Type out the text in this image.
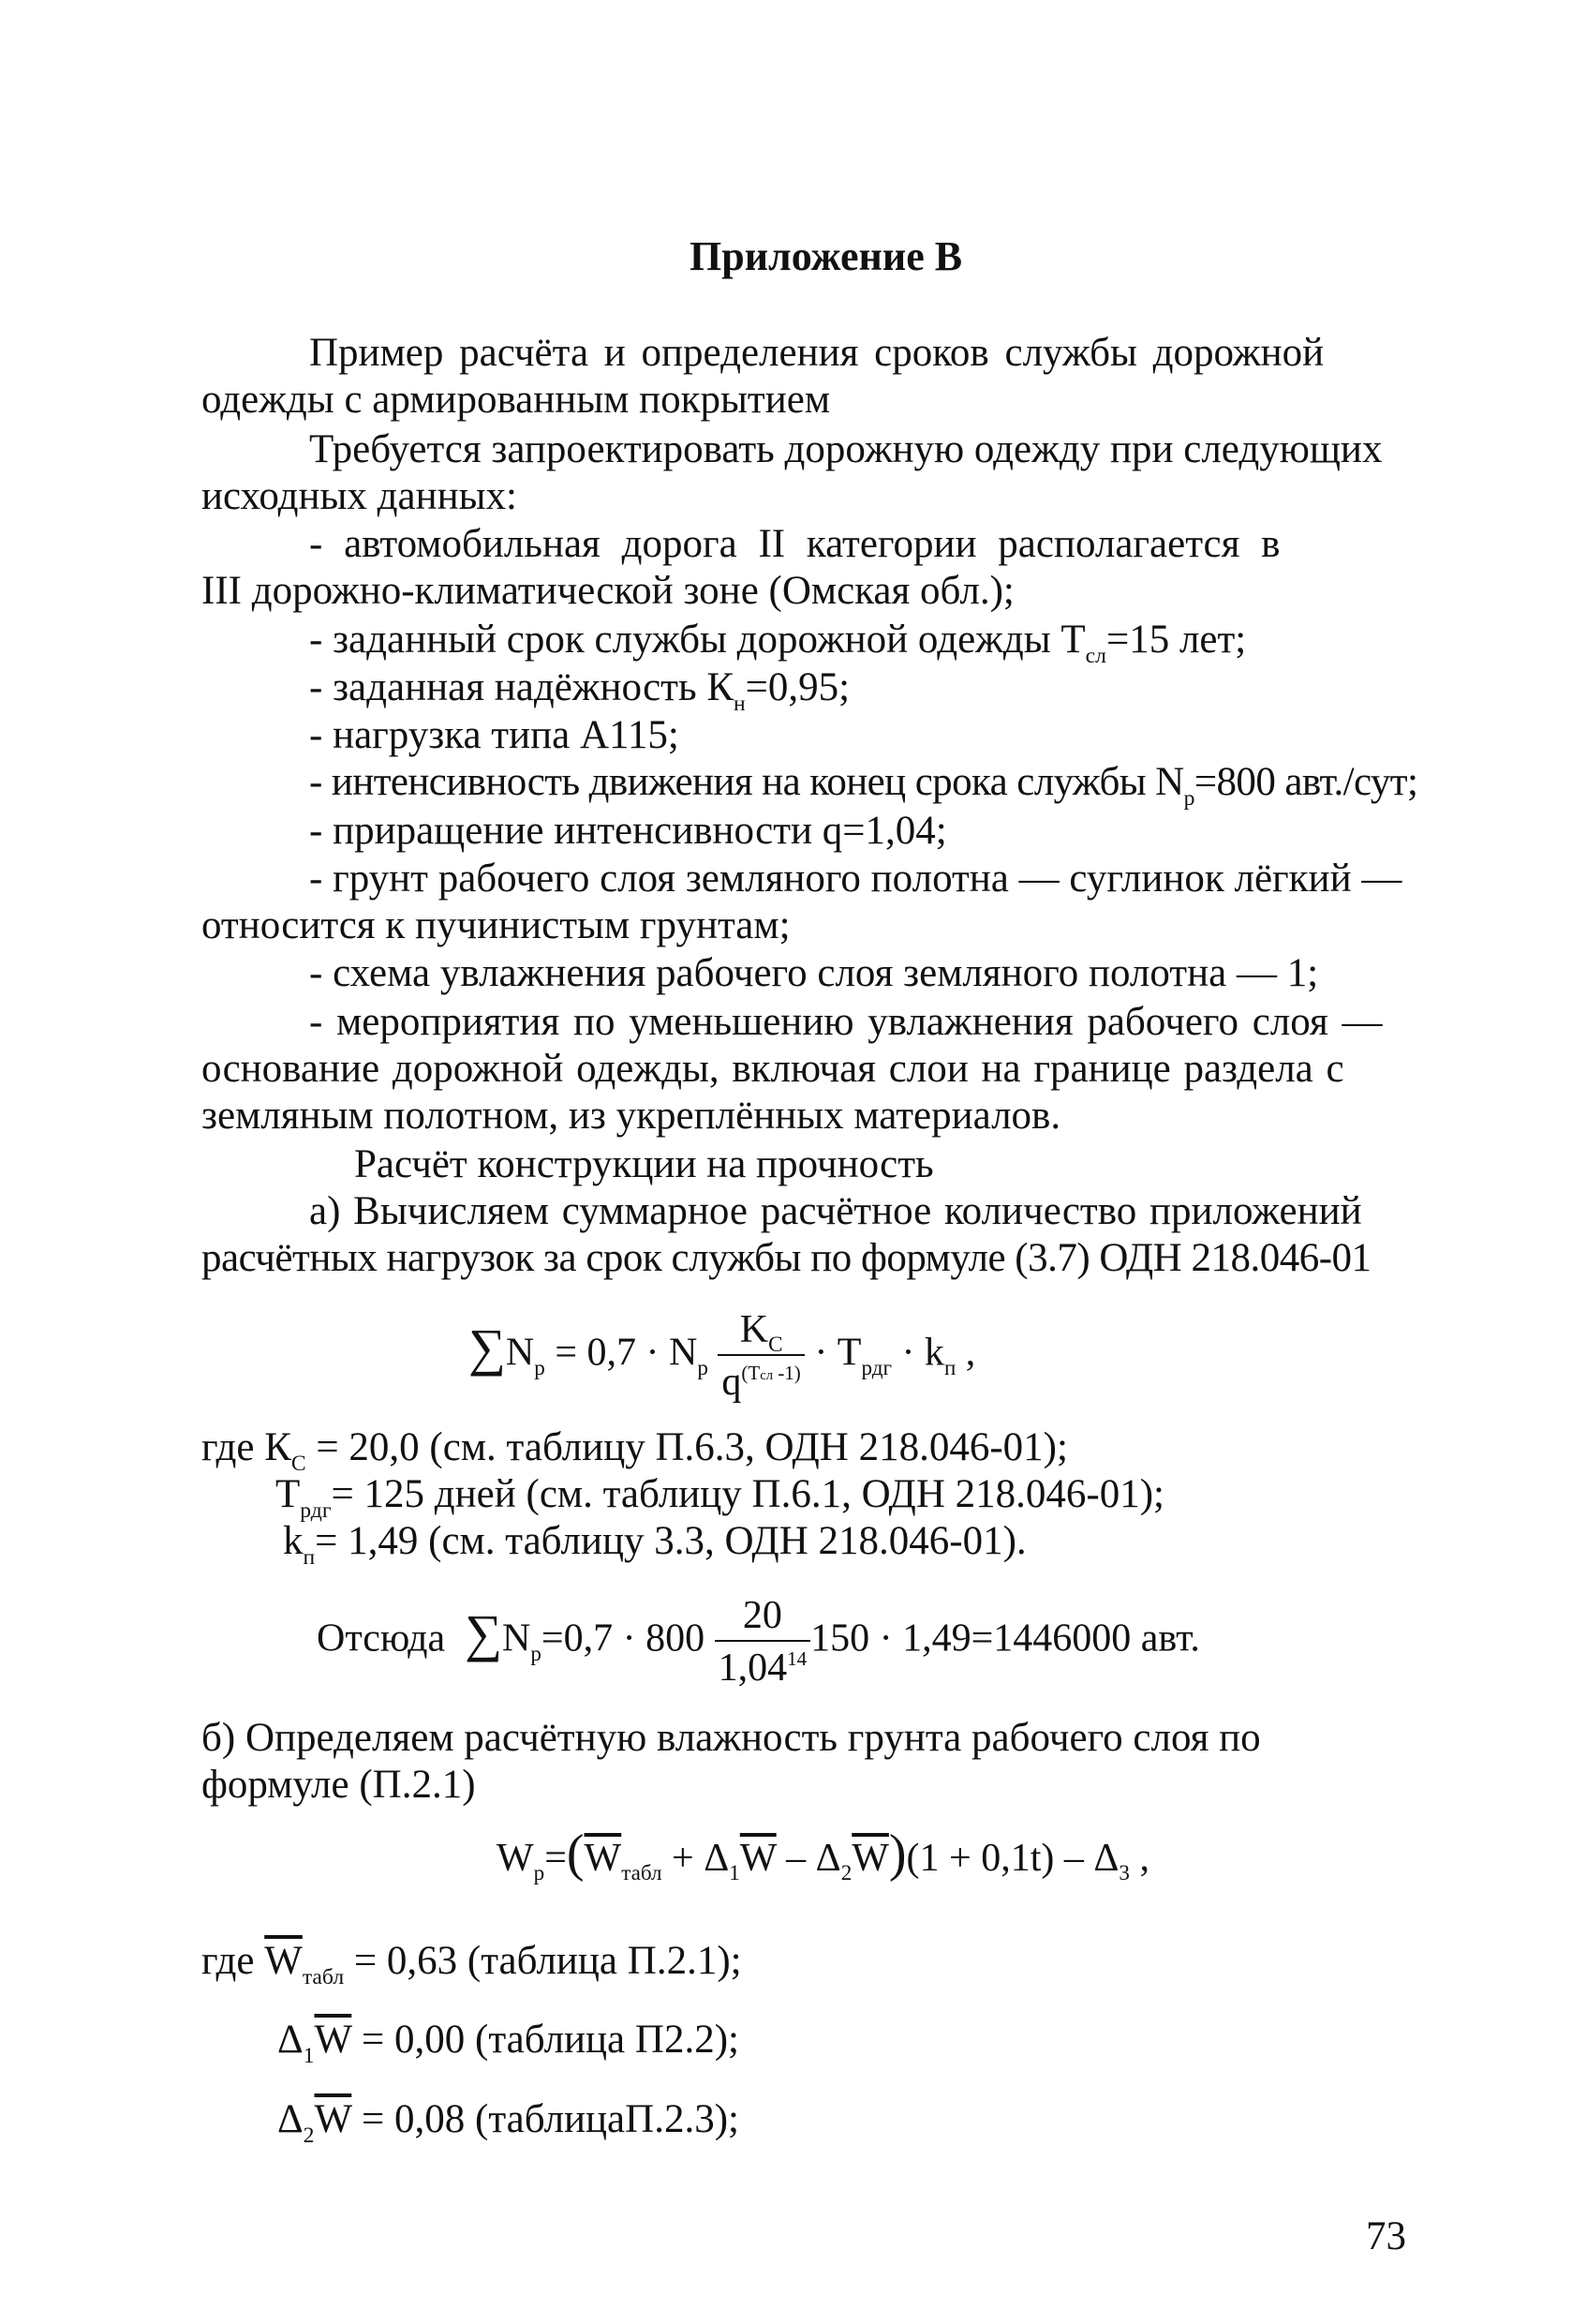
Приложение В
Пример расчёта и определения сроков службы дорожной
одежды с армированным покрытием
Требуется запроектировать дорожную одежду при следующих
исходных данных:
- автомобильная дорога II категории располагается в
III дорожно-климатической зоне (Омская обл.);
- заданный срок службы дорожной одежды $Т_{сл}=15$ лет;
- заданная надёжность $К_н=0,95$;
- нагрузка типа А115;
- интенсивность движения на конец срока службы $N_р=800$ авт./сут;
- приращение интенсивности q=1,04;
- грунт рабочего слоя земляного полотна — суглинок лёгкий —
относится к пучинистым грунтам;
- схема увлажнения рабочего слоя земляного полотна — 1;
- мероприятия по уменьшению увлажнения рабочего слоя —
основание дорожной одежды, включая слои на границе раздела с
земляным полотном, из укреплённых материалов.
Расчёт конструкции на прочность
а) Вычисляем суммарное расчётное количество приложений
расчётных нагрузок за срок службы по формуле (3.7) ОДН 218.046-01
$\sum N_р = 0,7 \cdot N_р \frac{K_С}{q^{(Тсл -1)}} \cdot T_{рдг} \cdot k_п$ ,
где $К_С = 20,0$ (см. таблицу П.6.3, ОДН 218.046-01);
$Т_{рдг}= 125$ дней (см. таблицу П.6.1, ОДН 218.046-01);
$k_п= 1,49$ (см. таблицу 3.3, ОДН 218.046-01).
Отсюда $\sum N_р=0,7 \cdot 800 \frac{20}{1,04^{14}} 150 \cdot 1,49=1446000$ авт.
б) Определяем расчётную влажность грунта рабочего слоя по
формуле (П.2.1)
$W_р=(\overline{W}_{табл} + \Delta_1\overline{W} - \Delta_2\overline{W})(1 + 0,1t) - \Delta_3$ ,
где $\overline{W}_{табл} = 0,63$ (таблица П.2.1);
$\Delta_1\overline{W} = 0,00$ (таблица П2.2);
$\Delta_2\overline{W} = 0,08$ (таблицаП.2.3);
73
